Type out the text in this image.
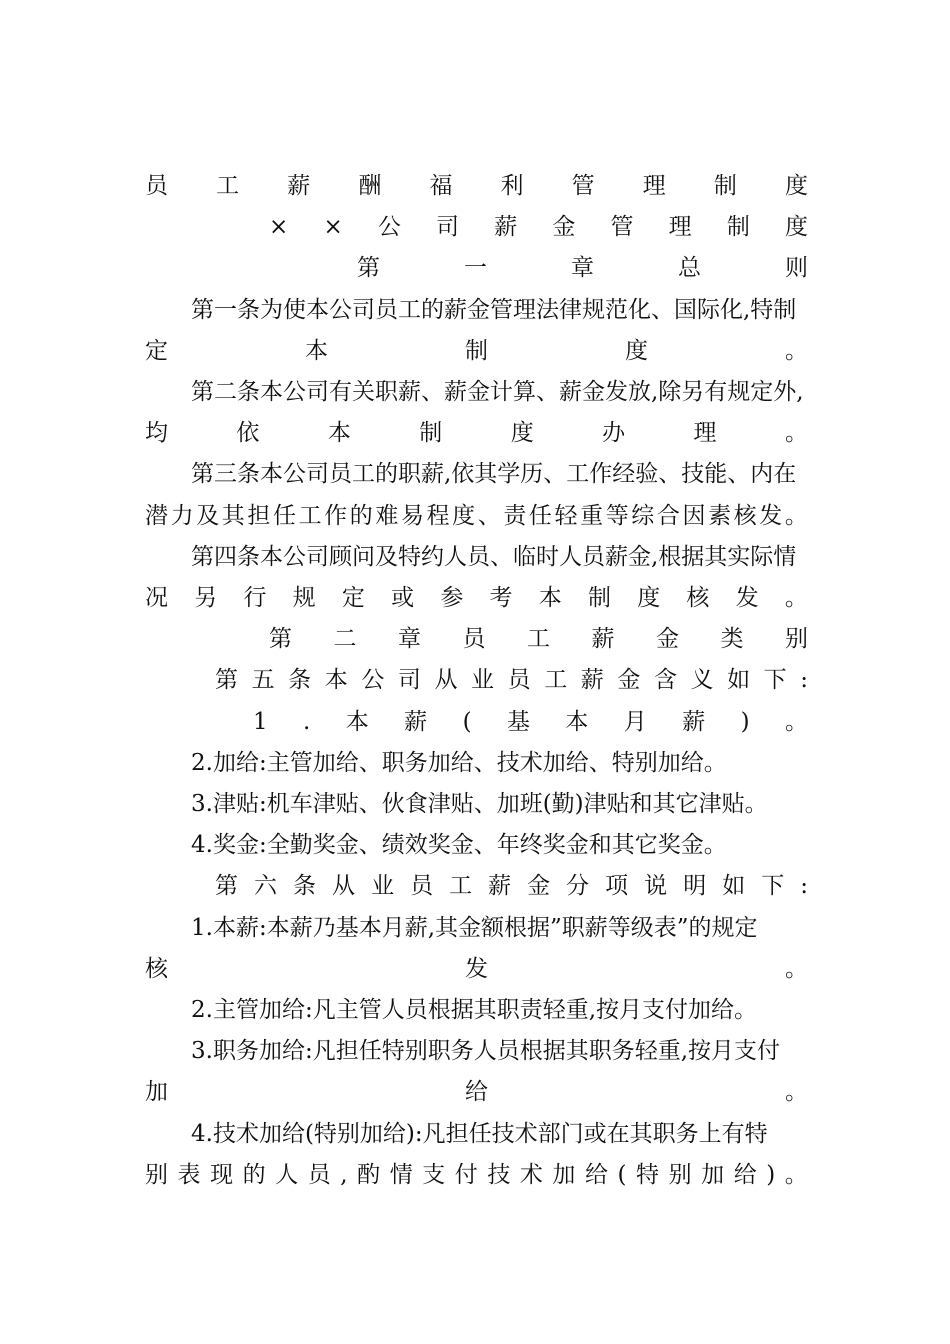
员 工 薪 酬 福 利 管 理 制 度
× × 公 司 薪 金 管 理 制 度
第	一	章	总	则
第一条为使本公司员工的薪金管理法律规范化、国际化,特制
定	本	制	度	。
第二条本公司有关职薪、薪金计算、薪金发放,除另有规定外,
均	依	本	制	度	办	理	。
第三条本公司员工的职薪,依其学历、工作经验、技能、内在
潜 力 及 其 担 任 工 作 的 难 易 程 度 、 责 任 轻 重 等 综 合 因 素 核 发 。
第四条本公司顾问及特约人员、临时人员薪金,根据其实际情
况 另 行 规 定 或 参 考 本 制 度 核 发 。
第 二 章 员 工 薪 金 类 别
第 五 条 本 公 司 从 业 员 工 薪 金 含 义 如 下 :
1 . 本 薪 ( 基 本 月 薪 ) 。
2.加给:主管加给、职务加给、技术加给、特别加给。
3.津贴:机车津贴、伙食津贴、加班(勤)津贴和其它津贴。
4.奖金:全勤奖金、绩效奖金、年终奖金和其它奖金。
第 六 条 从 业 员 工 薪 金 分 项 说 明 如 下 :
1.本薪:本薪乃基本月薪,其金额根据”职薪等级表”的规定
核	发	。
2.主管加给:凡主管人员根据其职责轻重,按月支付加给。
3.职务加给:凡担任特别职务人员根据其职务轻重,按月支付
加	给	。
4.技术加给(特别加给):凡担任技术部门或在其职务上有特
别 表 现 的 人 员 , 酌 情 支 付 技 术 加 给 ( 特 别 加 给 ) 。
